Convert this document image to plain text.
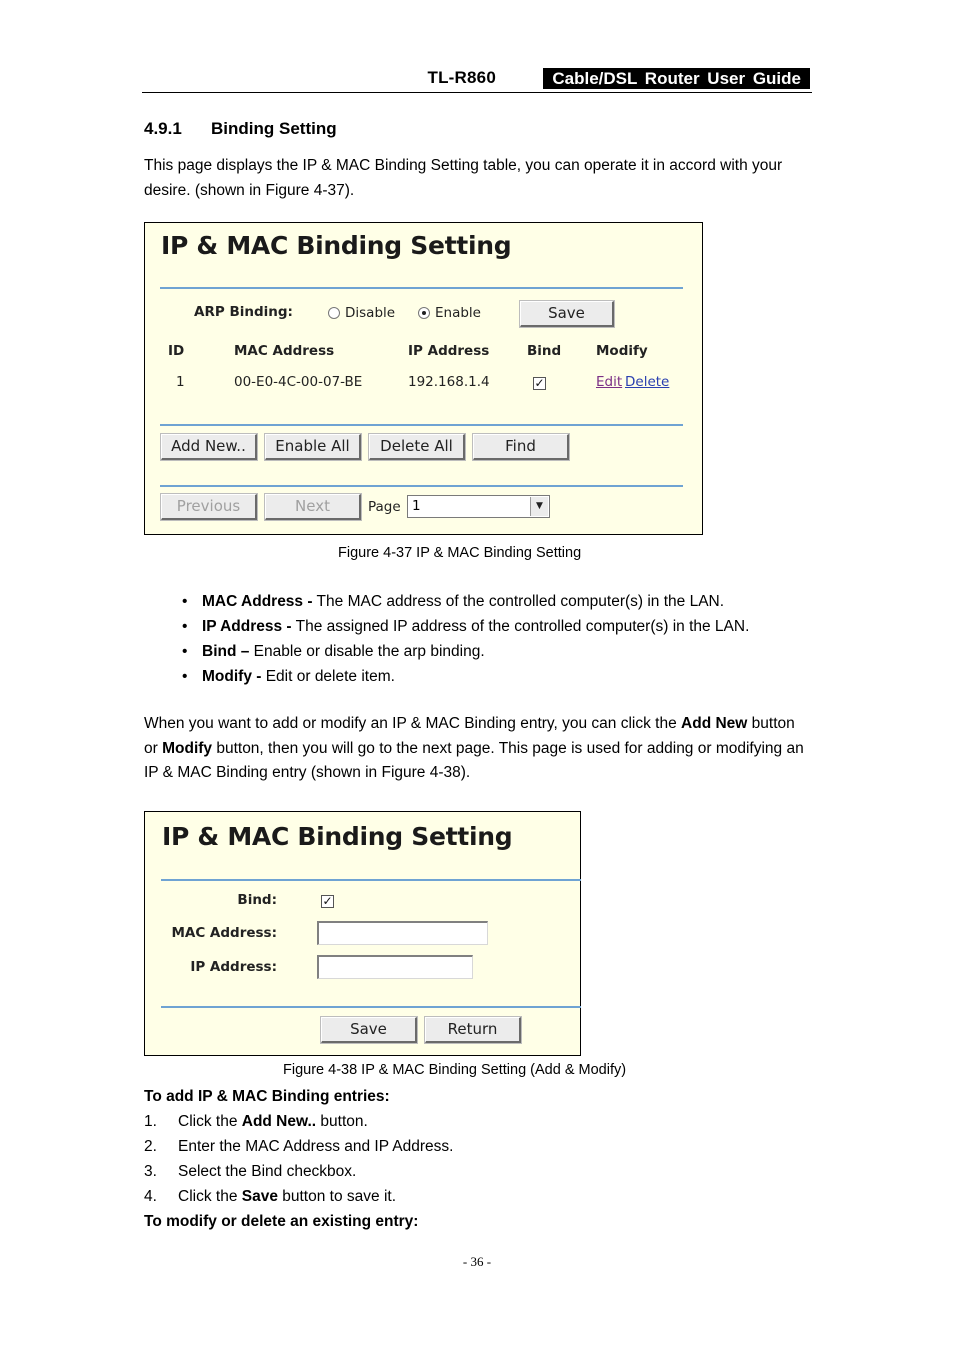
TL-R860	Cable/DSL Router User Guide
4.9.1 Binding Setting

This page displays the IP & MAC Binding Setting table, you can operate it in accord with your desire. (shown in Figure 4-37).

IP & MAC Binding Setting
ARP Binding:	Disable	Enable	Save
ID	MAC Address	IP Address	Bind	Modify
1	00-E0-4C-00-07-BE	192.168.1.4	✓	Edit Delete
Add New..	Enable All	Delete All	Find
Previous	Next	Page 1	▼
Figure 4-37 IP & MAC Binding Setting
• MAC Address - The MAC address of the controlled computer(s) in the LAN.
• IP Address - The assigned IP address of the controlled computer(s) in the LAN.
• Bind – Enable or disable the arp binding.
• Modify - Edit or delete item.

When you want to add or modify an IP & MAC Binding entry, you can click the Add New button or Modify button, then you will go to the next page. This page is used for adding or modifying an IP & MAC Binding entry (shown in Figure 4-38).

IP & MAC Binding Setting
Bind:	✓
MAC Address:
IP Address:
Save	Return
Figure 4-38 IP & MAC Binding Setting (Add & Modify)
To add IP & MAC Binding entries:
1. Click the Add New.. button.
2. Enter the MAC Address and IP Address.
3. Select the Bind checkbox.
4. Click the Save button to save it.
To modify or delete an existing entry:
- 36 -
